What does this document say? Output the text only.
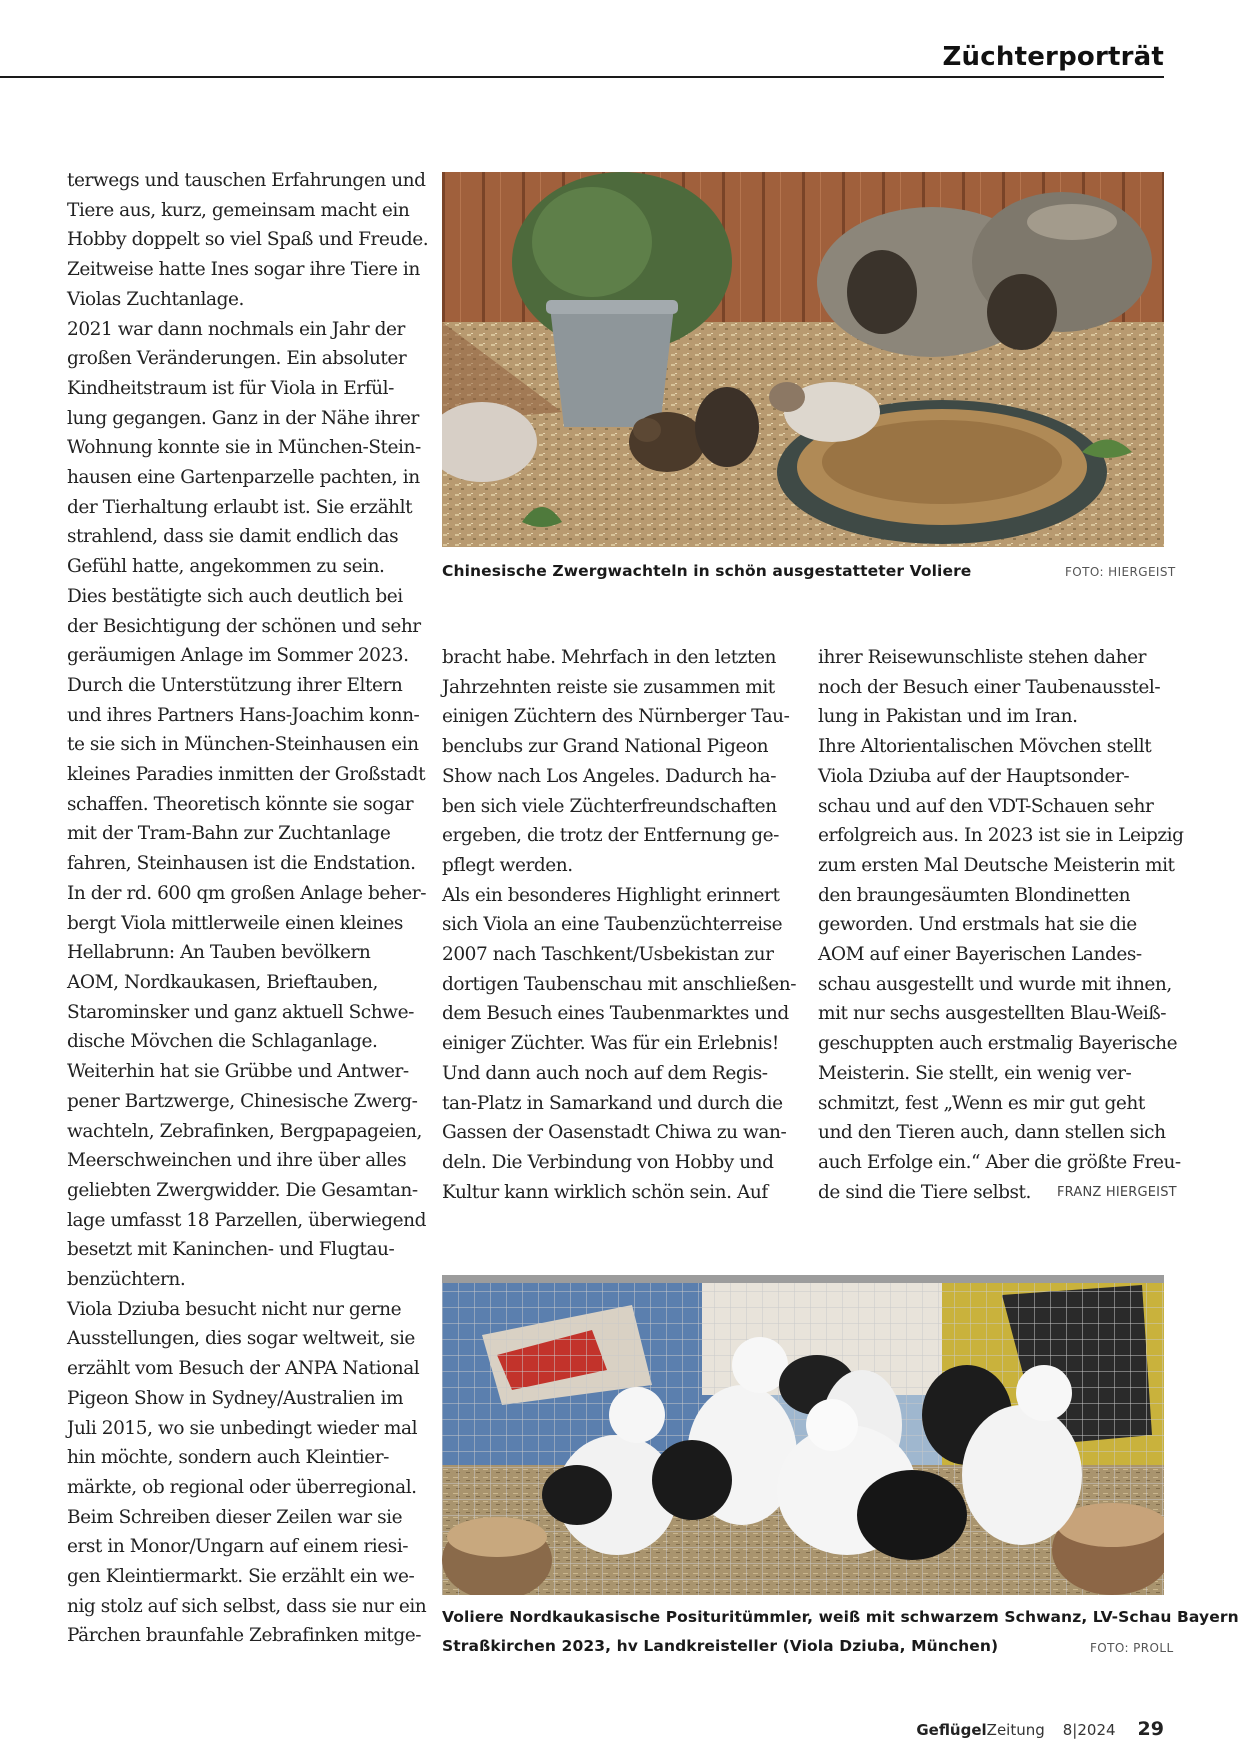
Züchterporträt

terwegs und tauschen Erfahrungen und
Tiere aus, kurz, gemeinsam macht ein
Hobby doppelt so viel Spaß und Freude.
Zeitweise hatte Ines sogar ihre Tiere in
Violas Zuchtanlage.
2021 war dann nochmals ein Jahr der
großen Veränderungen. Ein absoluter
Kindheitstraum ist für Viola in Erfül-
lung gegangen. Ganz in der Nähe ihrer
Wohnung konnte sie in München-Stein-
hausen eine Gartenparzelle pachten, in
der Tierhaltung erlaubt ist. Sie erzählt
strahlend, dass sie damit endlich das
Gefühl hatte, angekommen zu sein.
Dies bestätigte sich auch deutlich bei
der Besichtigung der schönen und sehr
geräumigen Anlage im Sommer 2023.
Durch die Unterstützung ihrer Eltern
und ihres Partners Hans-Joachim konn-
te sie sich in München-Steinhausen ein
kleines Paradies inmitten der Großstadt
schaffen. Theoretisch könnte sie sogar
mit der Tram-Bahn zur Zuchtanlage
fahren, Steinhausen ist die Endstation.
In der rd. 600 qm großen Anlage beher-
bergt Viola mittlerweile einen kleines
Hellabrunn: An Tauben bevölkern
AOM, Nordkaukasen, Brieftauben,
Starominsker und ganz aktuell Schwe-
dische Mövchen die Schlaganlage.
Weiterhin hat sie Grübbe und Antwer-
pener Bartzwerge, Chinesische Zwerg-
wachteln, Zebrafinken, Bergpapageien,
Meerschweinchen und ihre über alles
geliebten Zwergwidder. Die Gesamtan-
lage umfasst 18 Parzellen, überwiegend
besetzt mit Kaninchen- und Flugtau-
benzüchtern.
Viola Dziuba besucht nicht nur gerne
Ausstellungen, dies sogar weltweit, sie
erzählt vom Besuch der ANPA National
Pigeon Show in Sydney/Australien im
Juli 2015, wo sie unbedingt wieder mal
hin möchte, sondern auch Kleintier-
märkte, ob regional oder überregional.
Beim Schreiben dieser Zeilen war sie
erst in Monor/Ungarn auf einem riesi-
gen Kleintiermarkt. Sie erzählt ein we-
nig stolz auf sich selbst, dass sie nur ein
Pärchen braunfahle Zebrafinken mitge-

Chinesische Zwergwachteln in schön ausgestatteter Voliere	FOTO: HIERGEIST

bracht habe. Mehrfach in den letzten
Jahrzehnten reiste sie zusammen mit
einigen Züchtern des Nürnberger Tau-
benclubs zur Grand National Pigeon
Show nach Los Angeles. Dadurch ha-
ben sich viele Züchterfreundschaften
ergeben, die trotz der Entfernung ge-
pflegt werden.
Als ein besonderes Highlight erinnert
sich Viola an eine Taubenzüchterreise
2007 nach Taschkent/Usbekistan zur
dortigen Taubenschau mit anschließen-
dem Besuch eines Taubenmarktes und
einiger Züchter. Was für ein Erlebnis!
Und dann auch noch auf dem Regis-
tan-Platz in Samarkand und durch die
Gassen der Oasenstadt Chiwa zu wan-
deln. Die Verbindung von Hobby und
Kultur kann wirklich schön sein. Auf

ihrer Reisewunschliste stehen daher
noch der Besuch einer Taubenausstel-
lung in Pakistan und im Iran.
Ihre Altorientalischen Mövchen stellt
Viola Dziuba auf der Hauptsonder-
schau und auf den VDT-Schauen sehr
erfolgreich aus. In 2023 ist sie in Leipzig
zum ersten Mal Deutsche Meisterin mit
den braungesäumten Blondinetten
geworden. Und erstmals hat sie die
AOM auf einer Bayerischen Landes-
schau ausgestellt und wurde mit ihnen,
mit nur sechs ausgestellten Blau-Weiß-
geschuppten auch erstmalig Bayerische
Meisterin. Sie stellt, ein wenig ver-
schmitzt, fest „Wenn es mir gut geht
und den Tieren auch, dann stellen sich
auch Erfolge ein.“ Aber die größte Freu-
de sind die Tiere selbst.	FRANZ HIERGEIST
Voliere Nordkaukasische Posituritümmler, weiß mit schwarzem Schwanz, LV-Schau Bayern
Straßkirchen 2023, hv Landkreisteller (Viola Dziuba, München)	FOTO: PROLL
GeflügelZeitung 8|2024 29
